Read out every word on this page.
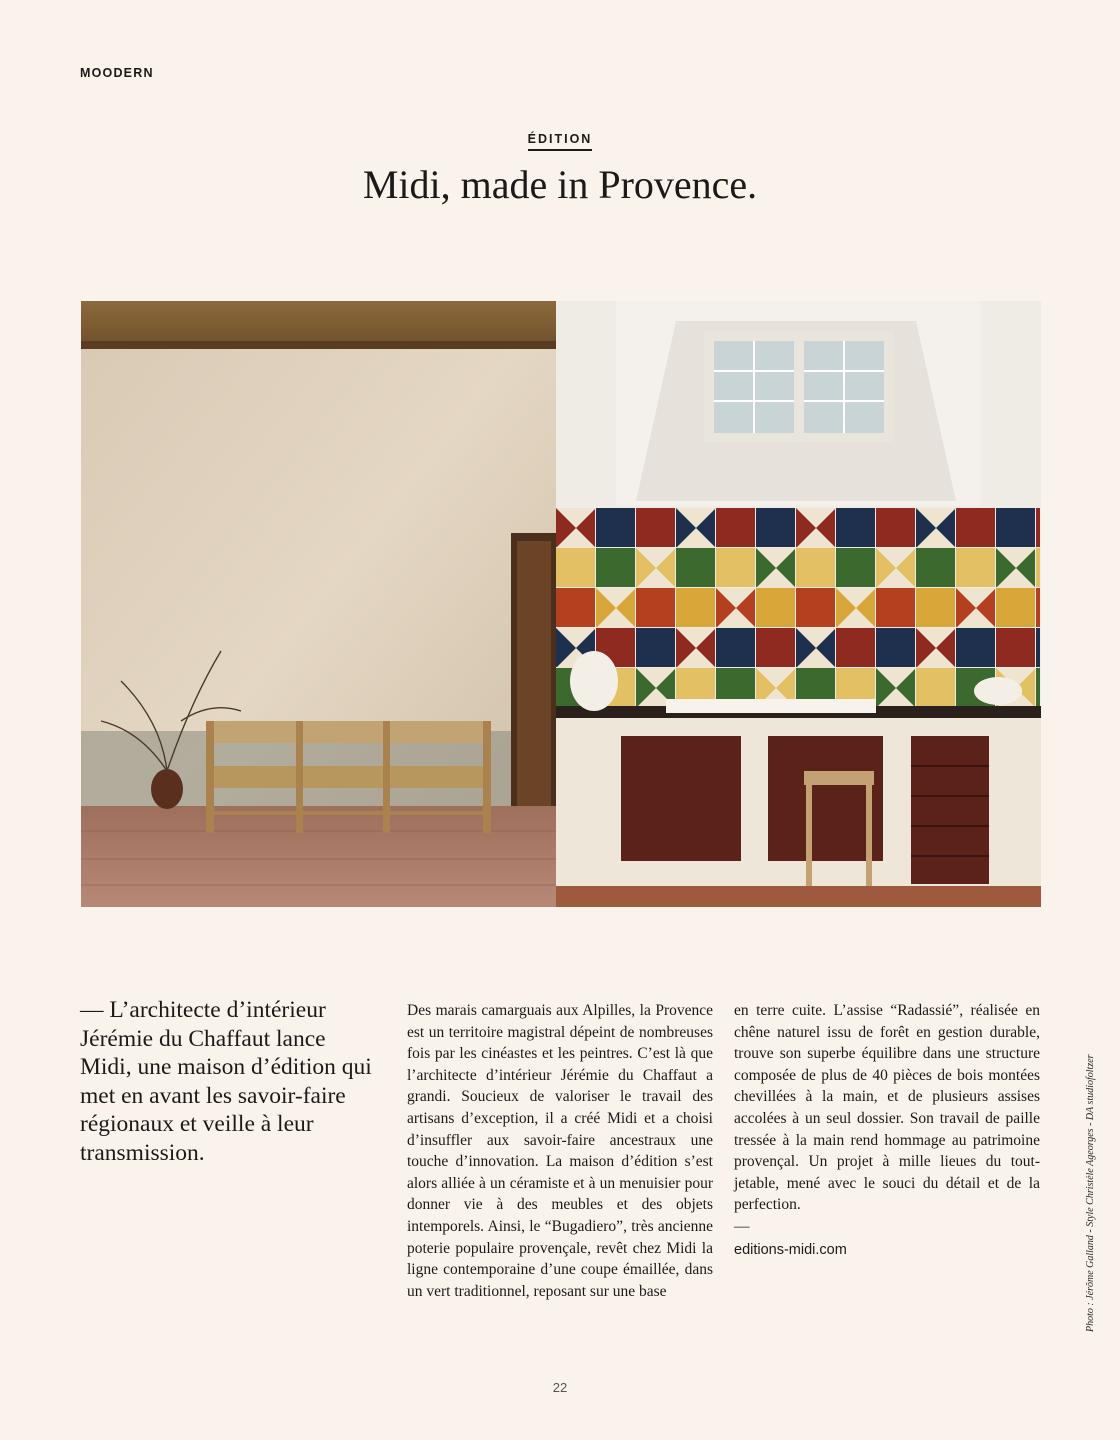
MOODERN
ÉDITION
Midi, made in Provence.
— L’architecte d’intérieur Jérémie du Chaffaut lance Midi, une maison d’édition qui met en avant les savoir-faire régionaux et veille à leur transmission.
Des marais camarguais aux Alpilles, la Provence est un territoire magistral dépeint de nombreuses fois par les cinéastes et les peintres. C’est là que l’architecte d’intérieur Jérémie du Chaffaut a grandi. Soucieux de valoriser le travail des artisans d’exception, il a créé Midi et a choisi d’insuffler aux savoir-faire ancestraux une touche d’innovation. La maison d’édition s’est alors alliée à un céramiste et à un menuisier pour donner vie à des meubles et des objets intemporels. Ainsi, le “Bugadiero”, très ancienne poterie populaire provençale, revêt chez Midi la ligne contemporaine d’une coupe émaillée, dans un vert traditionnel, reposant sur une base
en terre cuite. L’assise “Radassié”, réalisée en chêne naturel issu de forêt en gestion durable, trouve son superbe équilibre dans une structure composée de plus de 40 pièces de bois montées chevillées à la main, et de plusieurs assises accolées à un seul dossier. Son travail de paille tressée à la main rend hommage au patrimoine provençal. Un projet à mille lieues du tout-jetable, mené avec le souci du détail et de la perfection.
—
editions-midi.com	Photo : Jérôme Galland - Style Christèle Ageorges - DA studiofoltzer
22
